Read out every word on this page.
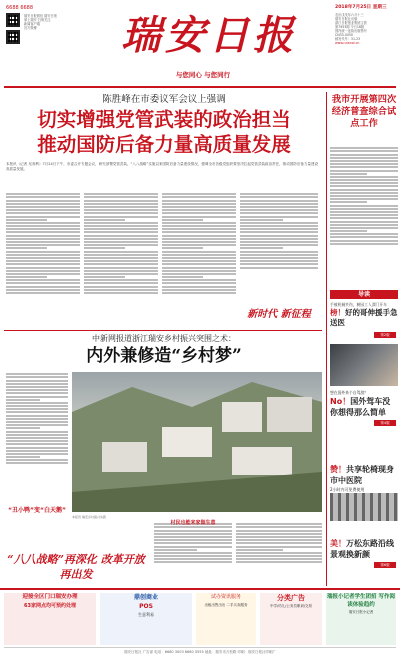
6688 6688
瑞安日报微信 瑞安日报
掌上瑞安 扫码关注
新闻客户端
官方微博	瑞安日报
与您同心 与您同行
2018年7月25日 星期三
农历戊戌年六月十三
瑞安日报社出版
浙江日报报业集团主管
第7953期 今日16版
国内统一连续出版物号
CN33-0050
邮发代号：31-23
www.ruianol.cn
陈胜峰在市委议军会议上强调
切实增强党管武装的政治担当
推动国防后备力量高质量发展
本报讯（记者 吴寿利）7月24日下午，市委召开专题会议，研究部署党管武装、“八八战略”实施以来国防后备力量建设情况，强调全市各级党组织要坚决扛起党管武装政治责任，推动国防后备力量建设高质量发展。
新时代 新征程
中新网报道浙江瑞安乡村振兴突围之术：
内外兼修造“乡村梦”
“丑小鸭”变“白天鹅”
本报讯 瑞安乡村振兴实践
村民也能来家做生意
“八八战略”再深化 改革开放再出发
我市开展第四次经济普查综合试点工作
导读
手被机械夹伤，树园工人漂门开车
榜！好的哥伸援手急送医
第2版
想在国外来个自驾游？
No！国外驾车没你想得那么简单
第4版
赞！共享轮椅现身市中医院
2小时内可免费使用
美！万松东路沿线景观换新颜
第6版
迎接全区门口瑞安办理
63家网点均可预约处理
鼎创商业
POS
生意利易
试办资讯服务
出租出售出出 二手买卖服务
分类广告
中学/幼儿/公务员职训/交易
瑞报小记者学生团招 写作阅读体验趋约
瑞安日报小记者
瑞安日报社 广告部 电话：6680 3003 6680 5555 地址：瑞安市万松路 印刷：瑞安日报社印刷厂
